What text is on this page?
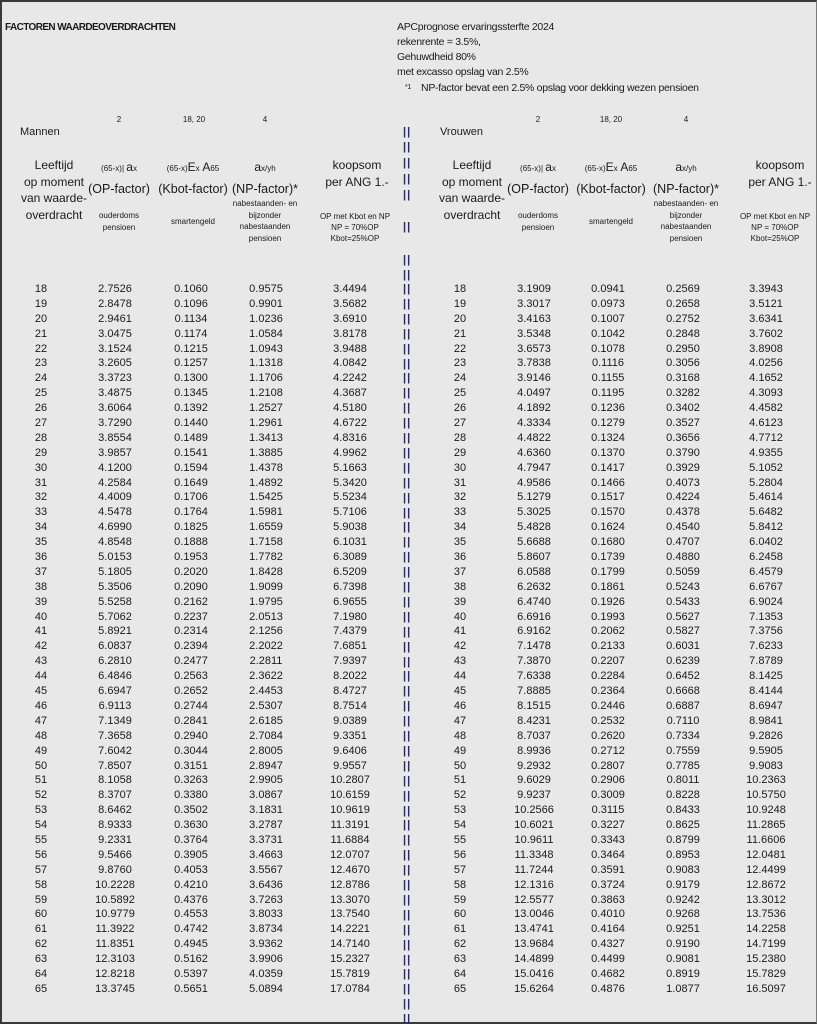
FACTOREN WAARDEOVERDRACHTEN	APCprognose ervaringssterfte 2024
rekenrente = 3.5%,
Gehuwdheid 80%
met excasso opslag van 2.5%
*1 NP-factor bevat een 2.5% opslag voor dekking wezen pensioen
2	18, 20	4
Mannen
Leeftijd
op moment
van waarde-
overdracht
(65-x)| ax
(OP-factor)
ouderdoms
pensioen
(65-x)Ex A65
(Kbot-factor)
smartengeld
ax/yh
(NP-factor)*
nabestaanden- en
bijzonder
nabestaanden
pensioen
koopsom
per ANG 1.-
OP met Kbot en NP
NP = 70%OP
Kbot=25%OP
18	2.7526	0.1060	0.9575	3.4494
19	2.8478	0.1096	0.9901	3.5682
20	2.9461	0.1134	1.0236	3.6910
21	3.0475	0.1174	1.0584	3.8178
22	3.1524	0.1215	1.0943	3.9488
23	3.2605	0.1257	1.1318	4.0842
24	3.3723	0.1300	1.1706	4.2242
25	3.4875	0.1345	1.2108	4.3687
26	3.6064	0.1392	1.2527	4.5180
27	3.7290	0.1440	1.2961	4.6722
28	3.8554	0.1489	1.3413	4.8316
29	3.9857	0.1541	1.3885	4.9962
30	4.1200	0.1594	1.4378	5.1663
31	4.2584	0.1649	1.4892	5.3420
32	4.4009	0.1706	1.5425	5.5234
33	4.5478	0.1764	1.5981	5.7106
34	4.6990	0.1825	1.6559	5.9038
35	4.8548	0.1888	1.7158	6.1031
36	5.0153	0.1953	1.7782	6.3089
37	5.1805	0.2020	1.8428	6.5209
38	5.3506	0.2090	1.9099	6.7398
39	5.5258	0.2162	1.9795	6.9655
40	5.7062	0.2237	2.0513	7.1980
41	5.8921	0.2314	2.1256	7.4379
42	6.0837	0.2394	2.2022	7.6851
43	6.2810	0.2477	2.2811	7.9397
44	6.4846	0.2563	2.3622	8.2022
45	6.6947	0.2652	2.4453	8.4727
46	6.9113	0.2744	2.5307	8.7514
47	7.1349	0.2841	2.6185	9.0389
48	7.3658	0.2940	2.7084	9.3351
49	7.6042	0.3044	2.8005	9.6406
50	7.8507	0.3151	2.8947	9.9557
51	8.1058	0.3263	2.9905	10.2807
52	8.3707	0.3380	3.0867	10.6159
53	8.6462	0.3502	3.1831	10.9619
54	8.9333	0.3630	3.2787	11.3191
55	9.2331	0.3764	3.3731	11.6884
56	9.5466	0.3905	3.4663	12.0707
57	9.8760	0.4053	3.5567	12.4670
58	10.2228	0.4210	3.6436	12.8786
59	10.5892	0.4376	3.7263	13.3070
60	10.9779	0.4553	3.8033	13.7540
61	11.3922	0.4742	3.8734	14.2221
62	11.8351	0.4945	3.9362	14.7140
63	12.3103	0.5162	3.9906	15.2327
64	12.8218	0.5397	4.0359	15.7819
65	13.3745	0.5651	5.0894	17.0784
||
||
||
||
||
||
||
||
||
||
||
||
||
||
||
||
||
||
||
||
||
||
||
||
||
||
||
||
||
||
||
||
||
||
||
||
||
||
||
||
||
||
||
||
||
||
||
||
||
||
||
||
||
||
||
||
||
||
2	18, 20	4
Vrouwen
Leeftijd
op moment
van waarde-
overdracht
(65-x)| ax
(OP-factor)
ouderdoms
pensioen
(65-x)Ex A65
(Kbot-factor)
smartengeld
ax/yh
(NP-factor)*
nabestaanden- en
bijzonder
nabestaanden
pensioen
koopsom
per ANG 1.-
OP met Kbot en NP
NP = 70%OP
Kbot=25%OP
18	3.1909	0.0941	0.2569	3.3943
19	3.3017	0.0973	0.2658	3.5121
20	3.4163	0.1007	0.2752	3.6341
21	3.5348	0.1042	0.2848	3.7602
22	3.6573	0.1078	0.2950	3.8908
23	3.7838	0.1116	0.3056	4.0256
24	3.9146	0.1155	0.3168	4.1652
25	4.0497	0.1195	0.3282	4.3093
26	4.1892	0.1236	0.3402	4.4582
27	4.3334	0.1279	0.3527	4.6123
28	4.4822	0.1324	0.3656	4.7712
29	4.6360	0.1370	0.3790	4.9355
30	4.7947	0.1417	0.3929	5.1052
31	4.9586	0.1466	0.4073	5.2804
32	5.1279	0.1517	0.4224	5.4614
33	5.3025	0.1570	0.4378	5.6482
34	5.4828	0.1624	0.4540	5.8412
35	5.6688	0.1680	0.4707	6.0402
36	5.8607	0.1739	0.4880	6.2458
37	6.0588	0.1799	0.5059	6.4579
38	6.2632	0.1861	0.5243	6.6767
39	6.4740	0.1926	0.5433	6.9024
40	6.6916	0.1993	0.5627	7.1353
41	6.9162	0.2062	0.5827	7.3756
42	7.1478	0.2133	0.6031	7.6233
43	7.3870	0.2207	0.6239	7.8789
44	7.6338	0.2284	0.6452	8.1425
45	7.8885	0.2364	0.6668	8.4144
46	8.1515	0.2446	0.6887	8.6947
47	8.4231	0.2532	0.7110	8.9841
48	8.7037	0.2620	0.7334	9.2826
49	8.9936	0.2712	0.7559	9.5905
50	9.2932	0.2807	0.7785	9.9083
51	9.6029	0.2906	0.8011	10.2363
52	9.9237	0.3009	0.8228	10.5750
53	10.2566	0.3115	0.8433	10.9248
54	10.6021	0.3227	0.8625	11.2865
55	10.9611	0.3343	0.8799	11.6606
56	11.3348	0.3464	0.8953	12.0481
57	11.7244	0.3591	0.9083	12.4499
58	12.1316	0.3724	0.9179	12.8672
59	12.5577	0.3863	0.9242	13.3012
60	13.0046	0.4010	0.9268	13.7536
61	13.4741	0.4164	0.9251	14.2258
62	13.9684	0.4327	0.9190	14.7199
63	14.4899	0.4499	0.9081	15.2380
64	15.0416	0.4682	0.8919	15.7829
65	15.6264	0.4876	1.0877	16.5097
